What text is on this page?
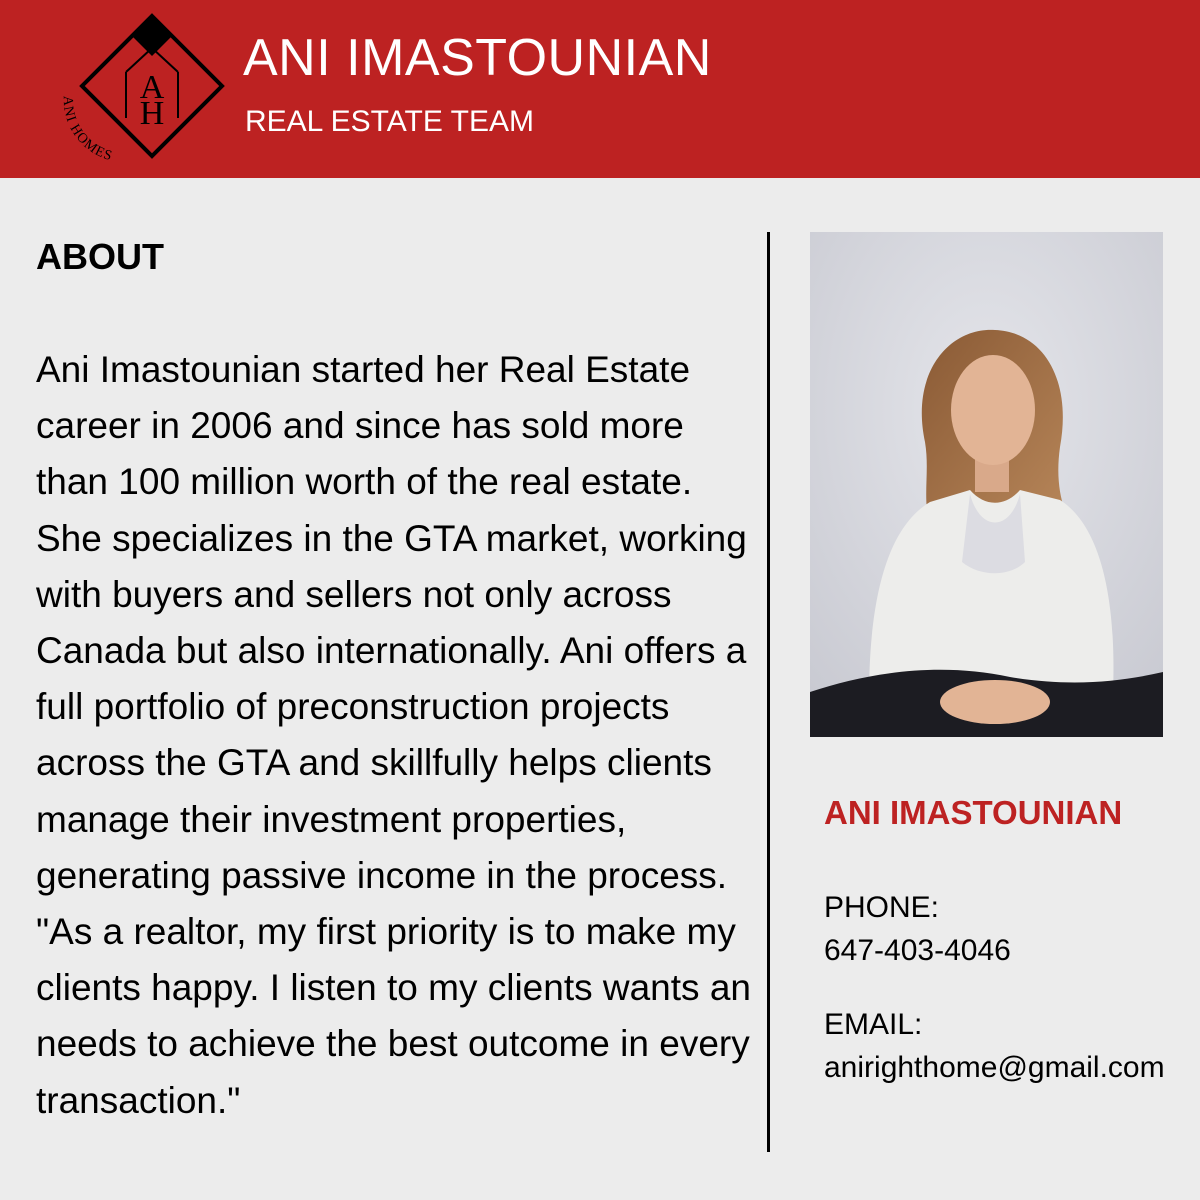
A
H
ANI HOMES
ANI IMASTOUNIAN
REAL ESTATE TEAM
ABOUT

Ani Imastounian started her Real Estate career in 2006 and since has sold more than 100 million worth of the real estate. She specializes in the GTA market, working with buyers and sellers not only across Canada but also internationally. Ani offers a full portfolio of preconstruction projects across the GTA and skillfully helps clients manage their investment properties, generating passive income in the process.

"As a realtor, my first priority is to make my clients happy. I listen to my clients wants an needs to achieve the best outcome in every transaction."

ANI IMASTOUNIAN
PHONE:
647-403-4046
EMAIL:
anirighthome@gmail.com
